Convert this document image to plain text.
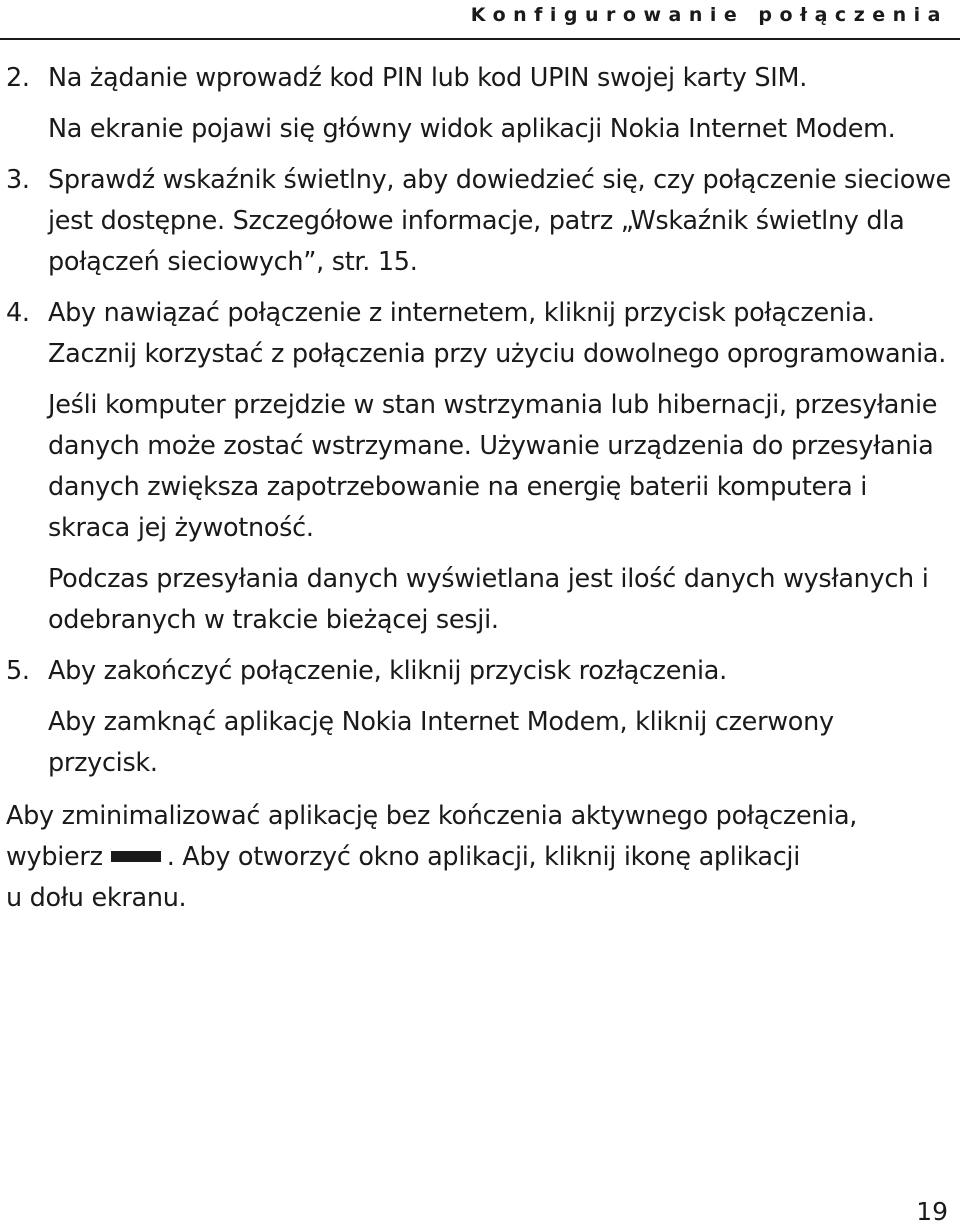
Konfigurowanie połączenia
2. Na żądanie wprowadź kod PIN lub kod UPIN swojej karty SIM.

Na ekranie pojawi się główny widok aplikacji Nokia Internet Modem.

3. Sprawdź wskaźnik świetlny, aby dowiedzieć się, czy połączenie sieciowe jest dostępne. Szczegółowe informacje, patrz „Wskaźnik świetlny dla połączeń sieciowych”, str. 15.

4. Aby nawiązać połączenie z internetem, kliknij przycisk połączenia. Zacznij korzystać z połączenia przy użyciu dowolnego oprogramowania.

Jeśli komputer przejdzie w stan wstrzymania lub hibernacji, przesyłanie danych może zostać wstrzymane. Używanie urządzenia do przesyłania danych zwiększa zapotrzebowanie na energię baterii komputera i skraca jej żywotność.

Podczas przesyłania danych wyświetlana jest ilość danych wysłanych i odebranych w trakcie bieżącej sesji.

5. Aby zakończyć połączenie, kliknij przycisk rozłączenia.

Aby zamknąć aplikację Nokia Internet Modem, kliknij czerwony przycisk.

Aby zminimalizować aplikację bez kończenia aktywnego połączenia,
wybierz	. Aby otworzyć okno aplikacji, kliknij ikonę aplikacji
u dołu ekranu.
19
